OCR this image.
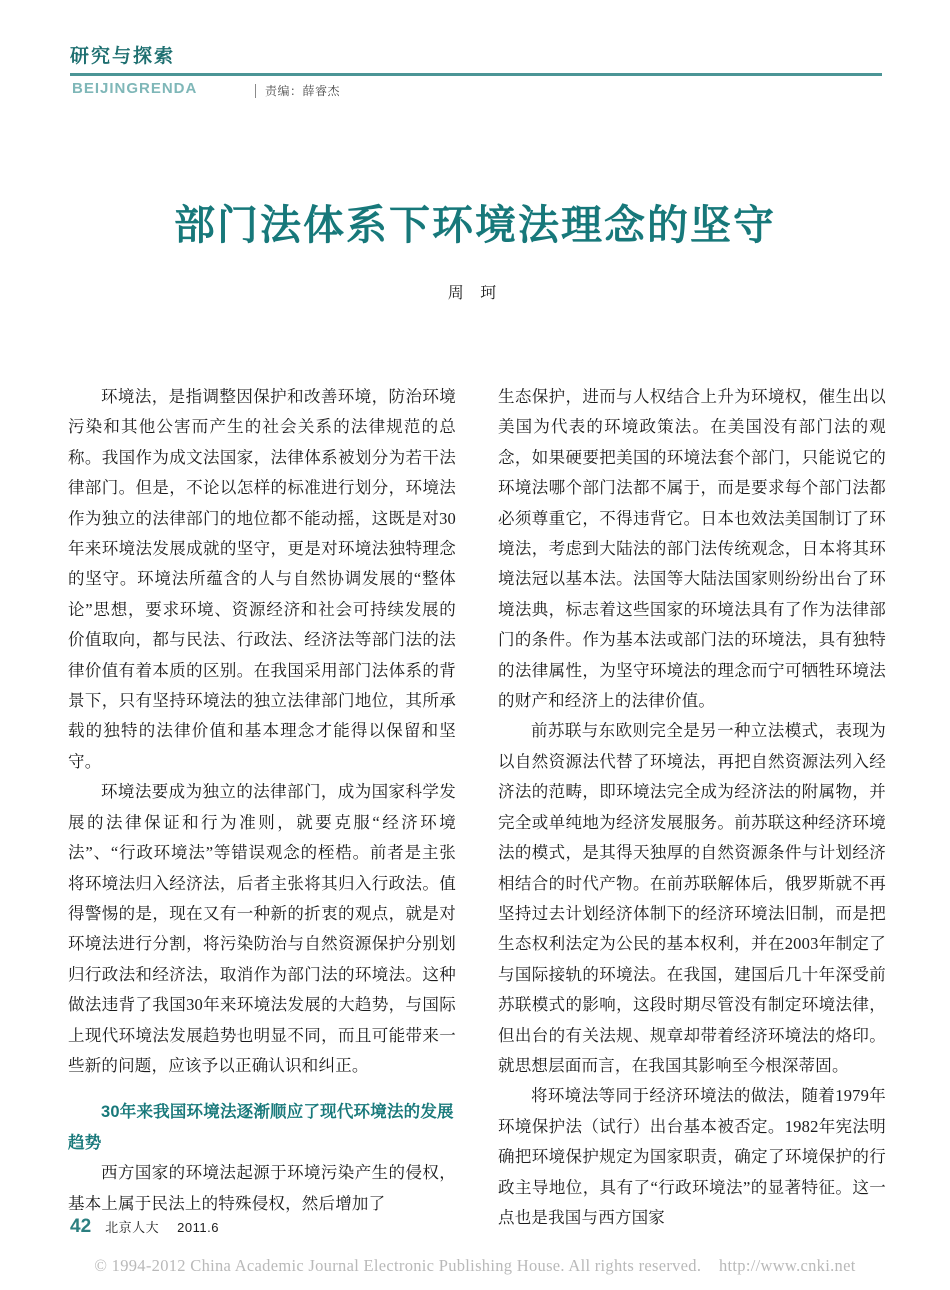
研究与探索
BEIJINGRENDA	责编：薛睿杰
部门法体系下环境法理念的坚守
周 珂

环境法，是指调整因保护和改善环境，防治环境污染和其他公害而产生的社会关系的法律规范的总称。我国作为成文法国家，法律体系被划分为若干法律部门。但是，不论以怎样的标准进行划分，环境法作为独立的法律部门的地位都不能动摇，这既是对30年来环境法发展成就的坚守，更是对环境法独特理念的坚守。环境法所蕴含的人与自然协调发展的“整体论”思想，要求环境、资源经济和社会可持续发展的价值取向，都与民法、行政法、经济法等部门法的法律价值有着本质的区别。在我国采用部门法体系的背景下，只有坚持环境法的独立法律部门地位，其所承载的独特的法律价值和基本理念才能得以保留和坚守。

环境法要成为独立的法律部门，成为国家科学发展的法律保证和行为准则，就要克服“经济环境法”、“行政环境法”等错误观念的桎梏。前者是主张将环境法归入经济法，后者主张将其归入行政法。值得警惕的是，现在又有一种新的折衷的观点，就是对环境法进行分割，将污染防治与自然资源保护分别划归行政法和经济法，取消作为部门法的环境法。这种做法违背了我国30年来环境法发展的大趋势，与国际上现代环境法发展趋势也明显不同，而且可能带来一些新的问题，应该予以正确认识和纠正。

30年来我国环境法逐渐顺应了现代环境法的发展趋势

西方国家的环境法起源于环境污染产生的侵权，基本上属于民法上的特殊侵权，然后增加了

生态保护，进而与人权结合上升为环境权，催生出以美国为代表的环境政策法。在美国没有部门法的观念，如果硬要把美国的环境法套个部门，只能说它的环境法哪个部门法都不属于，而是要求每个部门法都必须尊重它，不得违背它。日本也效法美国制订了环境法，考虑到大陆法的部门法传统观念，日本将其环境法冠以基本法。法国等大陆法国家则纷纷出台了环境法典，标志着这些国家的环境法具有了作为法律部门的条件。作为基本法或部门法的环境法，具有独特的法律属性，为坚守环境法的理念而宁可牺牲环境法的财产和经济上的法律价值。

前苏联与东欧则完全是另一种立法模式，表现为以自然资源法代替了环境法，再把自然资源法列入经济法的范畴，即环境法完全成为经济法的附属物，并完全或单纯地为经济发展服务。前苏联这种经济环境法的模式，是其得天独厚的自然资源条件与计划经济相结合的时代产物。在前苏联解体后，俄罗斯就不再坚持过去计划经济体制下的经济环境法旧制，而是把生态权利法定为公民的基本权利，并在2003年制定了与国际接轨的环境法。在我国，建国后几十年深受前苏联模式的影响，这段时期尽管没有制定环境法律，但出台的有关法规、规章却带着经济环境法的烙印。就思想层面而言，在我国其影响至今根深蒂固。

将环境法等同于经济环境法的做法，随着1979年环境保护法（试行）出台基本被否定。1982年宪法明确把环境保护规定为国家职责，确定了环境保护的行政主导地位，具有了“行政环境法”的显著特征。这一点也是我国与西方国家

42 北京人大 2011.6
© 1994-2012 China Academic Journal Electronic Publishing House. All rights reserved.    http://www.cnki.net
